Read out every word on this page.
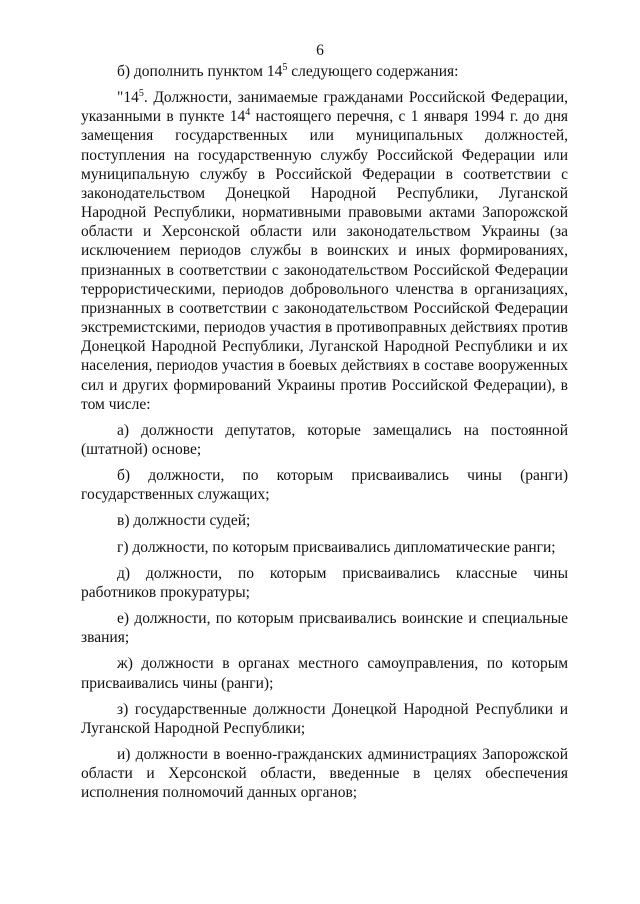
6

б) дополнить пунктом $14^5$ следующего содержания:

"$14^5$. Должности, занимаемые гражданами Российской Федерации, указанными в пункте $14^4$ настоящего перечня, с 1 января 1994 г. до дня замещения государственных или муниципальных должностей, поступления на государственную службу Российской Федерации или муниципальную службу в Российской Федерации в соответствии с законодательством Донецкой Народной Республики, Луганской Народной Республики, нормативными правовыми актами Запорожской области и Херсонской области или законодательством Украины (за исключением периодов службы в воинских и иных формированиях, признанных в соответствии с законодательством Российской Федерации террористическими, периодов добровольного членства в организациях, признанных в соответствии с законодательством Российской Федерации экстремистскими, периодов участия в противоправных действиях против Донецкой Народной Республики, Луганской Народной Республики и их населения, периодов участия в боевых действиях в составе вооруженных сил и других формирований Украины против Российской Федерации), в том числе:

а) должности депутатов, которые замещались на постоянной (штатной) основе;

б) должности, по которым присваивались чины (ранги) государственных служащих;

в) должности судей;

г) должности, по которым присваивались дипломатические ранги;

д) должности, по которым присваивались классные чины работников прокуратуры;

е) должности, по которым присваивались воинские и специальные звания;

ж) должности в органах местного самоуправления, по которым присваивались чины (ранги);

з) государственные должности Донецкой Народной Республики и Луганской Народной Республики;

и) должности в военно-гражданских администрациях Запорожской области и Херсонской области, введенные в целях обеспечения исполнения полномочий данных органов;
